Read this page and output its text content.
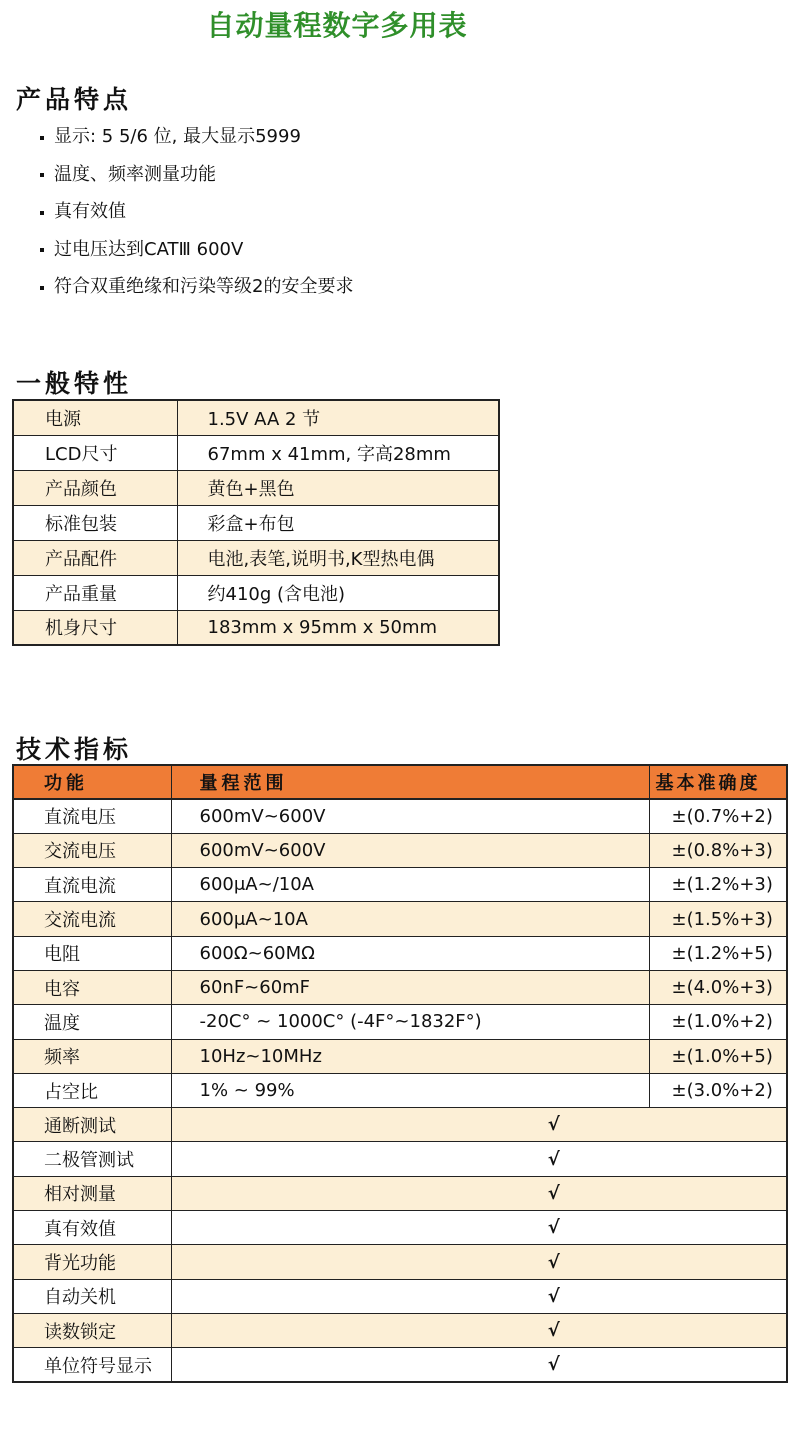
自动量程数字多用表
产品特点
显示: 5 5/6 位, 最大显示5999
温度、频率测量功能
真有效值
过电压达到CATⅢ 600V
符合双重绝缘和污染等级2的安全要求
一般特性
电源	1.5V AA 2 节
LCD尺寸	67mm x 41mm, 字高28mm
产品颜色	黄色+黑色
标准包装	彩盒+布包
产品配件	电池,表笔,说明书,K型热电偶
产品重量	约410g (含电池)
机身尺寸	183mm x 95mm x 50mm
技术指标
功能	量程范围	基本准确度
直流电压	600mV~600V	±(0.7%+2)
交流电压	600mV~600V	±(0.8%+3)
直流电流	600μA~/10A	±(1.2%+3)
交流电流	600μA~10A	±(1.5%+3)
电阻	600Ω~60MΩ	±(1.2%+5)
电容	60nF~60mF	±(4.0%+3)
温度	-20C° ~ 1000C° (-4F°~1832F°)	±(1.0%+2)
频率	10Hz~10MHz	±(1.0%+5)
占空比	1% ~ 99%	±(3.0%+2)
通断测试	√	
二极管测试	√	
相对测量	√	
真有效值	√	
背光功能	√	
自动关机	√	
读数锁定	√	
单位符号显示	√	
